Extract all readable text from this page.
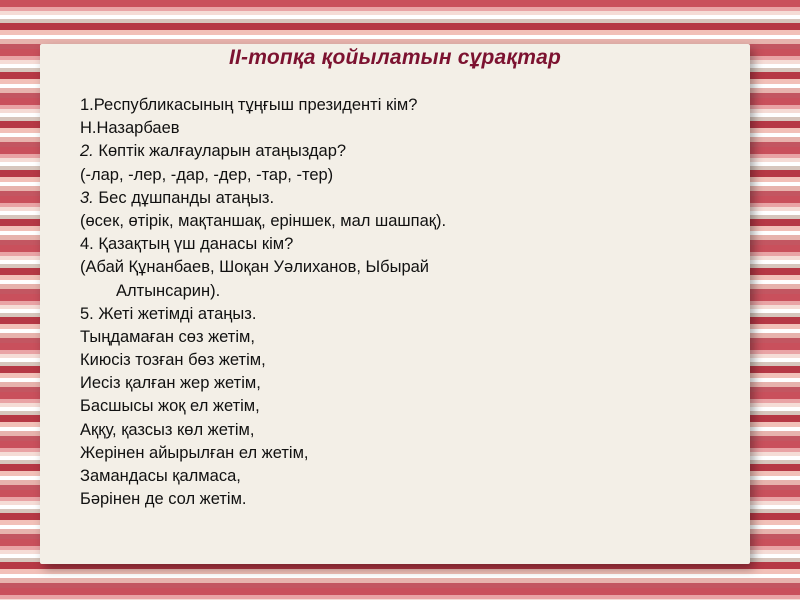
ІІ-топқа қойылатын сұрақтар
1.Республикасының тұңғыш президенті кім?
Н.Назарбаев
2. Көптік жалғауларын атаңыздар?
(-лар, -лер, -дар, -дер, -тар, -тер)
3. Бес дұшпанды атаңыз.
(өсек, өтірік, мақтаншақ, еріншек, мал шашпақ).
4. Қазақтың үш данасы кім?
(Абай Құнанбаев, Шоқан Уәлиханов, Ыбырай
Алтынсарин).
5. Жеті жетімді атаңыз.
Тыңдамаған сөз жетім,
Киюсіз тозған бөз жетім,
Иесіз қалған жер жетім,
Басшысы жоқ ел жетім,
Аққу, қазсыз көл жетім,
Жерінен айырылған ел жетім,
Замандасы қалмаса,
Бәрінен де сол жетім.
